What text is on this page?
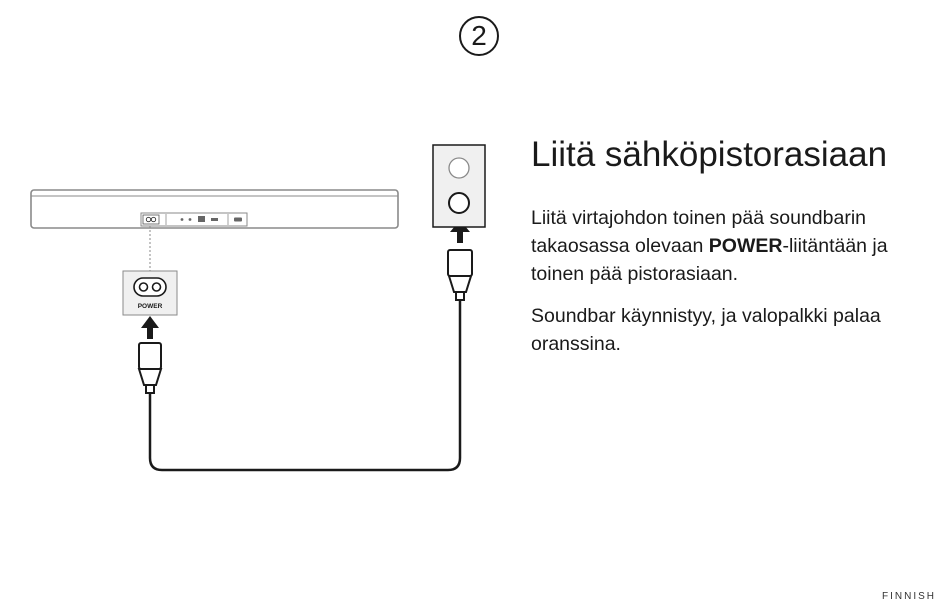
2
POWER
Liitä sähköpistorasiaan

Liitä virtajohdon toinen pää soundbarin takaosassa olevaan POWER-liitäntään ja toinen pää pistorasiaan.

Soundbar käynnistyy, ja valopalkki palaa oranssina.

FINNISH
